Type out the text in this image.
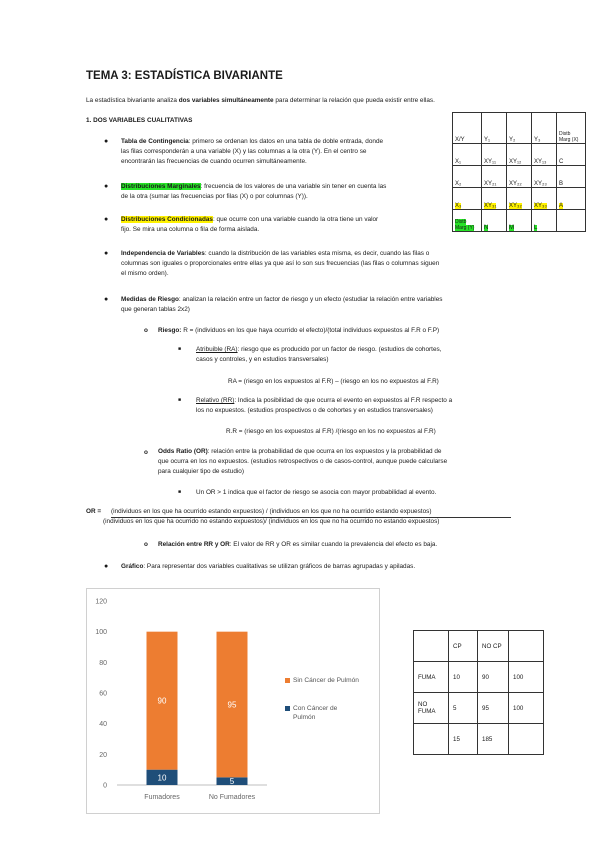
TEMA 3: ESTADÍSTICA BIVARIANTE
La estadística bivariante analiza dos variables simultáneamente para determinar la relación que pueda existir entre ellas.
1. DOS VARIABLES CUALITATIVAS
● Tabla de Contingencia: primero se ordenan los datos en una tabla de doble entrada, donde
las filas corresponderán a una variable (X) y las columnas a la otra (Y). En el centro se
encontrarán las frecuencias de cuando ocurren simultáneamente.
● Distribuciones Marginales: frecuencia de los valores de una variable sin tener en cuenta las
de la otra (sumar las frecuencias por filas (X) o por columnas (Y)).
● Distribuciones Condicionadas: que ocurre con una variable cuando la otra tiene un valor
fijo. Se mira una columna o fila de forma aislada.
X/Y	Y₁	Y₂	Y₃	Distb Marg (X)
X₁	XY₁₁	XY₁₂	XY₁₃	C
X₂	XY₂₁	XY₂₂	XY₂₃	B
X₃	XY₃₁	XY₃₂	XY₃₃	A
Distb Marg (Y)	N	M	L	
● Independencia de Variables: cuando la distribución de las variables esta misma, es decir, cuando las filas o
columnas son iguales o proporcionales entre ellas ya que así lo son sus frecuencias (las filas o columnas siguen
el mismo orden).
● Medidas de Riesgo: analizan la relación entre un factor de riesgo y un efecto (estudiar la relación entre variables
que generan tablas 2x2)
o Riesgo: R = (individuos en los que haya ocurrido el efecto)/(total individuos expuestos al F.R o F.P)
■ Atribuible (RA): riesgo que es producido por un factor de riesgo. (estudios de cohortes,
casos y controles, y en estudios transversales)
RA = (riesgo en los expuestos al F.R) – (riesgo en los no expuestos al F.R)
■ Relativo (RR): Indica la posibilidad de que ocurra el evento en expuestos al F.R respecto a
los no expuestos. (estudios prospectivos o de cohortes y en estudios transversales)
R.R = (riesgo en los expuestos al F.R) /(riesgo en los no expuestos al F.R)
o Odds Ratio (OR): relación entre la probabilidad de que ocurra en los expuestos y la probabilidad de
que ocurra en los no expuestos. (estudios retrospectivos o de casos-control, aunque puede calcularse
para cualquier tipo de estudio)
■ Un OR > 1 indica que el factor de riesgo se asocia con mayor probabilidad al evento.
OR = (individuos en los que ha ocurrido estando expuestos) / (individuos en los que no ha ocurrido estando expuestos)
(individuos en los que ha ocurrido no estando expuestos)/ (individuos en los que no ha ocurrido no estando expuestos)
o Relación entre RR y OR: El valor de RR y OR es similar cuando la prevalencia del efecto es baja.
● Gráfico: Para representar dos variables cualitativas se utilizan gráficos de barras agrupadas y apiladas.
0
20
40
60
80
100
120
10
90
Fumadores
5
95
No Fumadores
Sin Cáncer de Pulmón
Con Cáncer de
Pulmón
	CP	NO CP	
FUMA	10	90	100
NO FUMA	5	95	100
	15	185	
